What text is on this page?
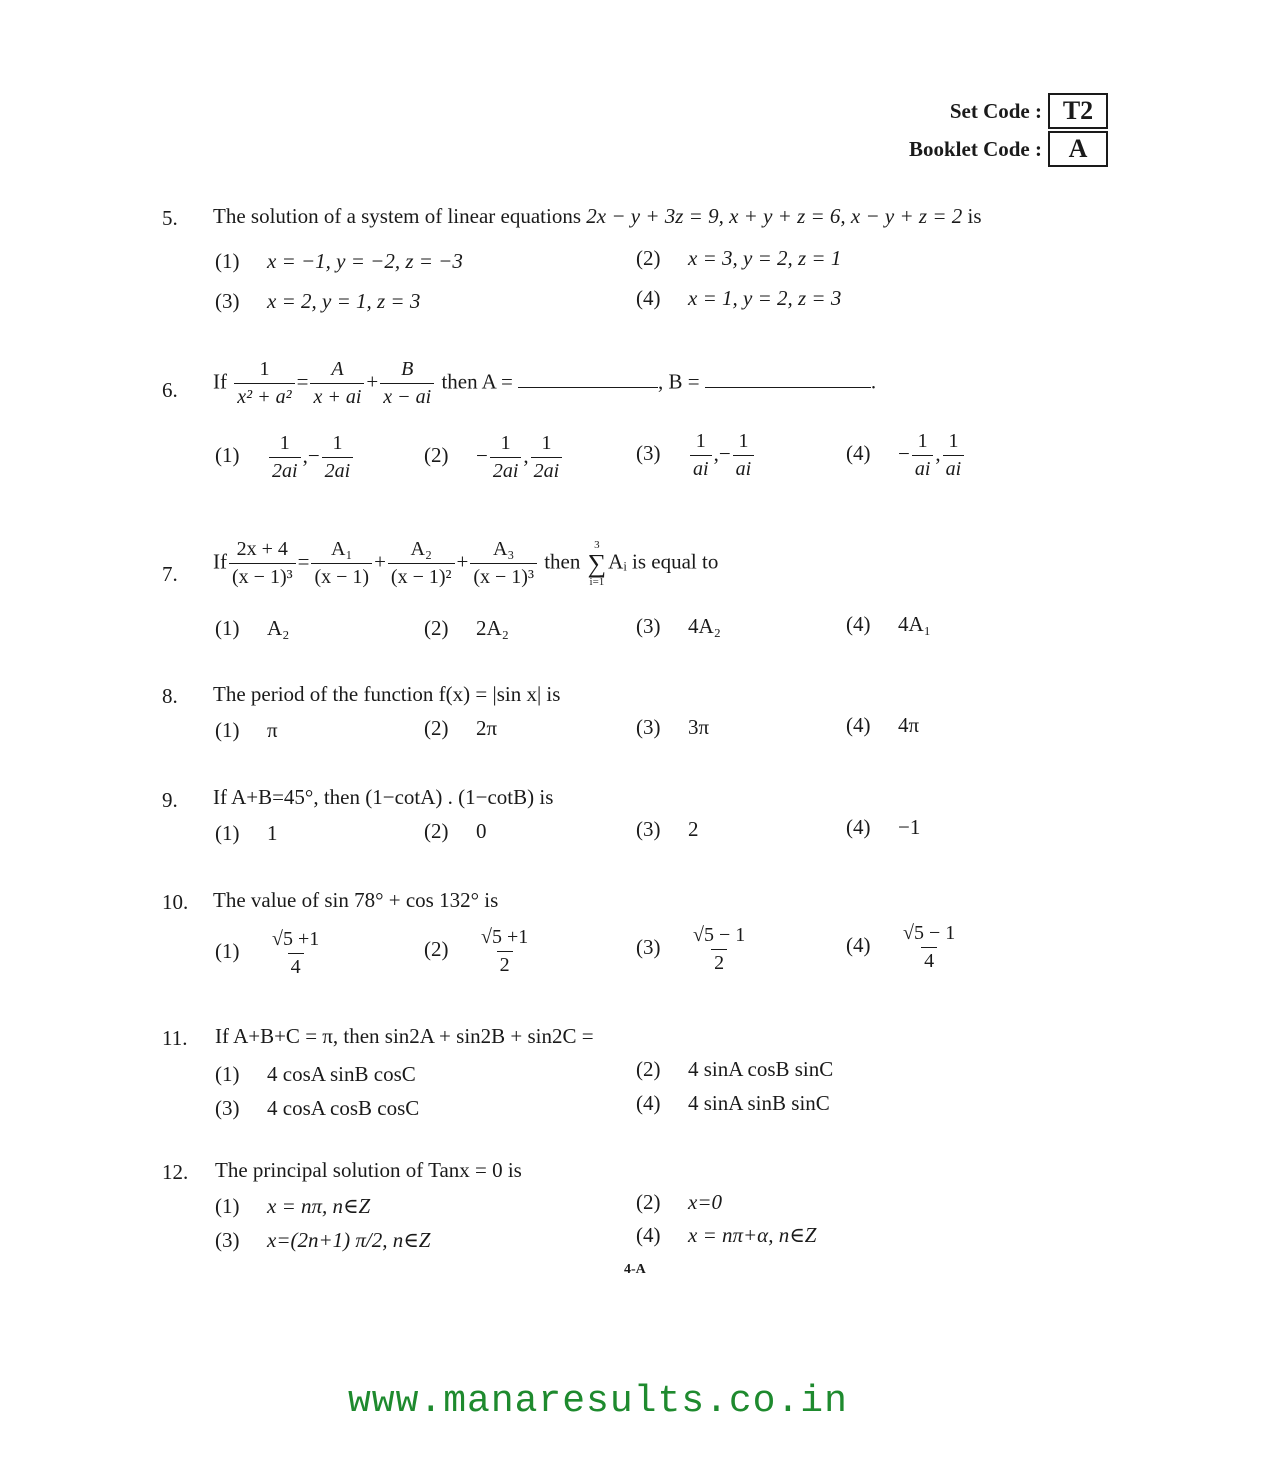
Set Code : T2
Booklet Code :	A
5. The solution of a system of linear equations 2x − y + 3z = 9, x + y + z = 6, x − y + z = 2 is
(1) x = −1, y = −2, z = −3	(2) x = 3, y = 2, z = 1
(3) x = 2, y = 1, z = 3	(4) x = 1, y = 2, z = 3
6. If $\frac{1}{\text{x² + a²}} = \frac{A}{x + ai} + \frac{B}{x - ai}$ then A =	, B =	.
$(1) \frac{1}{2ai}$ ,− $\frac{1}{2ai}$	$(2) - \frac{1}{2ai}$ , $\frac{1}{2ai}$	$(3) \frac{1}{ai}$ ,− $\frac{1}{ai}$	$(4) - \frac{1}{ai}$ , $\frac{1}{ai}$
7.
If $\frac{2x + 4}{\text{(x − 1)³}} = \frac{\text{A₁}}{(x - 1)} + \frac{\text{A₂}}{\text{(x − 1)²}} + \frac{\text{A₃}}{\text{(x − 1)³}}$ then
3
∑
i=1
Aᵢ is equal to
(1) A₂	(2) 2A₂	(3) 4A₂	(4) 4A₁
8. The period of the function f(x) = |sin x| is
(1) π	(2) 2π	(3) 3π	(4) 4π
9. If A+B=45°, then (1−cotA) . (1−cotB) is
(1) 1	(2) 0	(3) 2	(4) −1
10. The value of sin 78° + cos 132° is
$(1) \frac{√5 +1}{4}$	$(2) \frac{√5 +1}{2}$	$(3) \frac{√5 - 1}{2}$	$(4) \frac{√5 - 1}{4}$
11. If A+B+C = π, then sin2A + sin2B + sin2C =
(1) 4 cosA sinB cosC	(2) 4 sinA cosB sinC
(3) 4 cosA cosB cosC	(4) 4 sinA sinB sinC
12. The principal solution of Tanx = 0 is
(1) x = nπ, n∈Z	(2) x=0
(3) x=(2n+1) π/2, n∈Z	(4) x = nπ+α, n∈Z
4-A
www.manaresults.co.in
